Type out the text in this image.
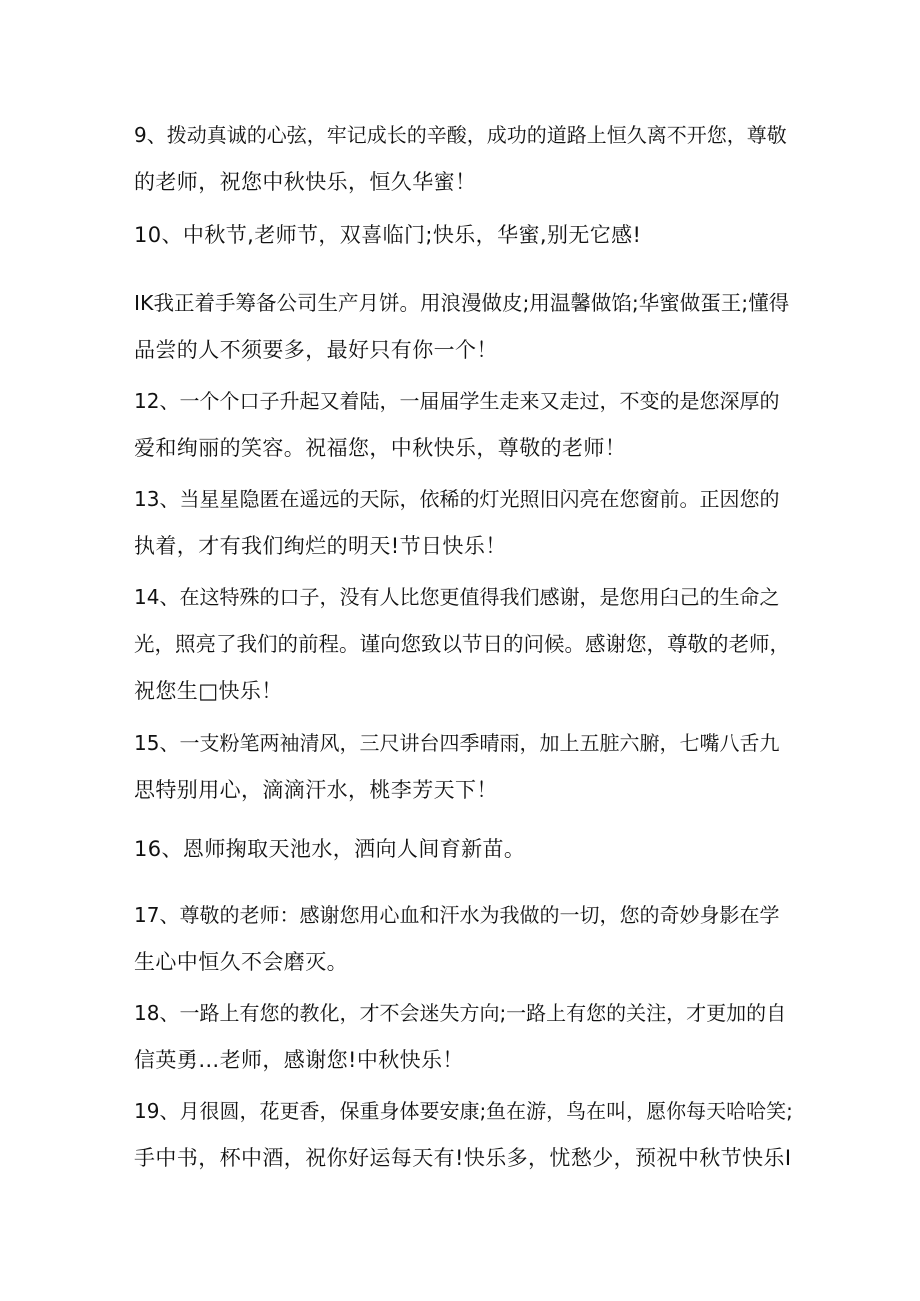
9、拨动真诚的心弦，牢记成长的辛酸，成功的道路上恒久离不开您，尊敬
的老师，祝您中秋快乐，恒久华蜜！

10、中秋节,老师节，双喜临门;快乐，华蜜,别无它感!

IK我正着手筹备公司生产月饼。用浪漫做皮;用温馨做馅;华蜜做蛋王;懂得
品尝的人不须要多，最好只有你一个！

12、一个个口子升起又着陆，一届届学生走来又走过，不变的是您深厚的
爱和绚丽的笑容。祝福您，中秋快乐，尊敬的老师！

13、当星星隐匿在遥远的天际，依稀的灯光照旧闪亮在您窗前。正因您的
执着，才有我们绚烂的明天!节日快乐！

14、在这特殊的口子，没有人比您更值得我们感谢，是您用臼己的生命之
光，照亮了我们的前程。谨向您致以节日的问候。感谢您，尊敬的老师，
祝您生□快乐！

15、一支粉笔两袖清风，三尺讲台四季晴雨，加上五脏六腑，七嘴八舌九
思特别用心，滴滴汗水，桃李芳天下！

16、恩师掬取天池水，洒向人间育新苗。

17、尊敬的老师：感谢您用心血和汗水为我做的一切，您的奇妙身影在学
生心中恒久不会磨灭。

18、一路上有您的教化，才不会迷失方向;一路上有您的关注，才更加的自
信英勇…老师，感谢您!中秋快乐！

19、月很圆，花更香，保重身体要安康;鱼在游，鸟在叫，愿你每天哈哈笑;
手中书，杯中酒，祝你好运每天有!快乐多，忧愁少，预祝中秋节快乐I
